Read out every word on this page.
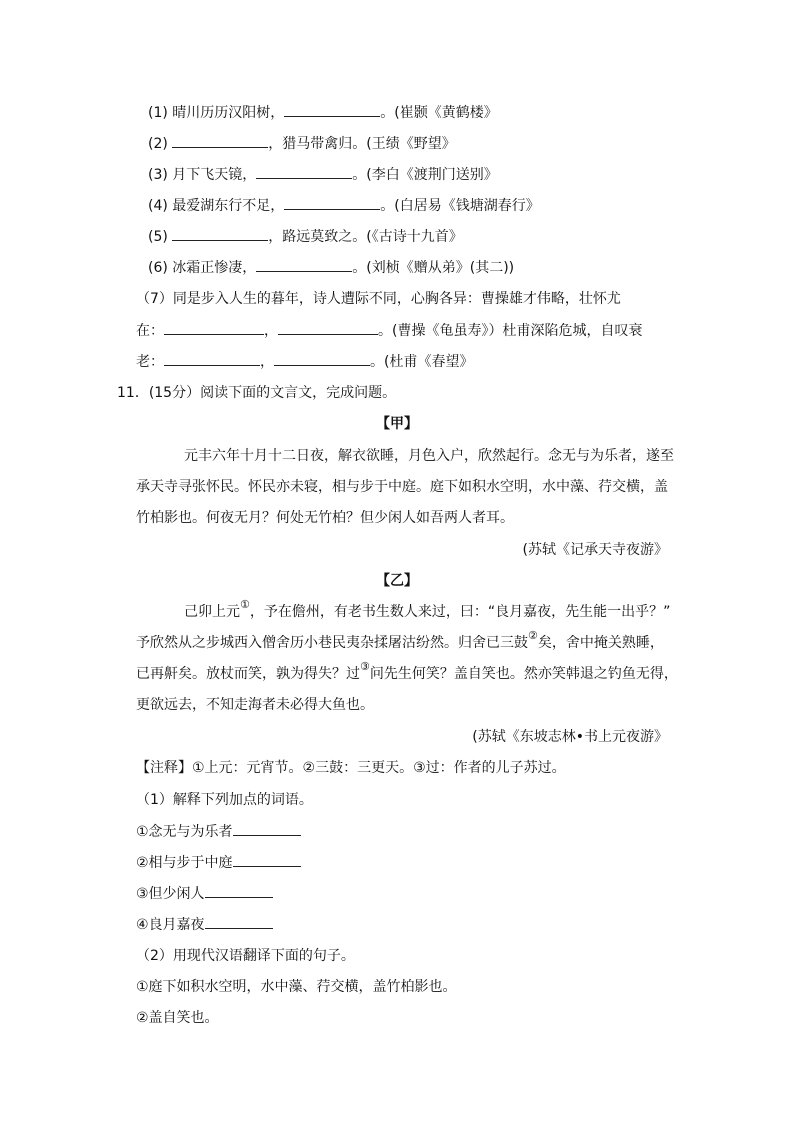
(1) 晴川历历汉阳树，	。(崔颢《黄鹤楼》
(2)	，猎马带禽归。(王绩《野望》
(3) 月下飞天镜，	。(李白《渡荆门送别》
(4) 最爱湖东行不足，	。(白居易《钱塘湖春行》
(5)	，路远莫致之。(《古诗十九首》
(6) 冰霜正惨凄，	。(刘桢《赠从弟》(其二))
（7）同是步入人生的暮年，诗人遭际不同，心胸各异：曹操雄才伟略，壮怀尤
在：	，	。(曹操《龟虽寿》）杜甫深陷危城，自叹衰
老：	，	。(杜甫《春望》
11．(15分）阅读下面的文言文，完成问题。
【甲】
元丰六年十月十二日夜，解衣欲睡，月色入户，欣然起行。念无与为乐者，遂至
承天寺寻张怀民。怀民亦未寝，相与步于中庭。庭下如积水空明，水中藻、荇交横，盖
竹柏影也。何夜无月？何处无竹柏？但少闲人如吾两人者耳。
(苏轼《记承天寺夜游》
【乙】
己卯上元①，予在儋州，有老书生数人来过，曰：“良月嘉夜，先生能一出乎？”
予欣然从之步城西入僧舍历小巷民夷杂揉屠沽纷然。归舍已三鼓②矣，舍中掩关熟睡，
已再鼾矣。放杖而笑，孰为得失？过③问先生何笑？盖自笑也。然亦笑韩退之钓鱼无得，
更欲远去，不知走海者未必得大鱼也。
(苏轼《东坡志林•书上元夜游》
【注释】①上元：元宵节。②三鼓：三更天。③过：作者的儿子苏过。
（1）解释下列加点的词语。
①念无与为乐者
②相与步于中庭
③但少闲人
④良月嘉夜
（2）用现代汉语翻译下面的句子。
①庭下如积水空明，水中藻、荇交横，盖竹柏影也。
②盖自笑也。
